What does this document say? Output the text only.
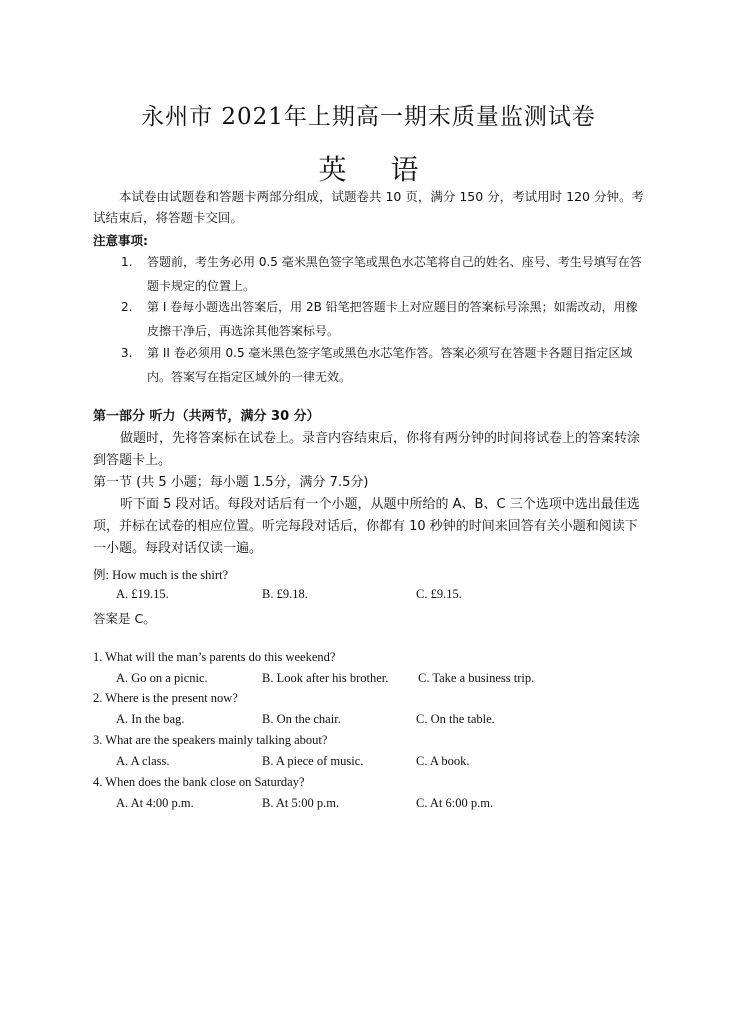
永州市 2021年上期高一期末质量监测试卷
英语
本试卷由试题卷和答题卡两部分组成，试题卷共 10 页，满分 150 分，考试用时 120 分钟。考试结束后，将答题卡交回。
注意事项:
1. 答题前，考生务必用 0.5 毫米黑色签字笔或黑色水芯笔将自己的姓名、座号、考生号填写在答题卡规定的位置上。
2. 第 I 卷每小题选出答案后，用 2B 铅笔把答题卡上对应题目的答案标号涂黑；如需改动，用橡皮擦干净后，再选涂其他答案标号。
3. 第 II 卷必须用 0.5 毫米黑色签字笔或黑色水芯笔作答。答案必须写在答题卡各题目指定区域内。答案写在指定区域外的一律无效。
第一部分 听力（共两节，满分 30 分）
做题时，先将答案标在试卷上。录音内容结束后，你将有两分钟的时间将试卷上的答案转涂到答题卡上。
第一节 (共 5 小题；每小题 1.5分，满分 7.5分)
听下面 5 段对话。每段对话后有一个小题，从题中所给的 A、B、C 三个选项中选出最佳选项，并标在试卷的相应位置。听完每段对话后，你都有 10 秒钟的时间来回答有关小题和阅读下一小题。每段对话仅读一遍。
例: How much is the shirt?
A. £19.15.	B. £9.18.	C. £9.15.
答案是 C。
1. What will the man’s parents do this weekend?
A. Go on a picnic.	B. Look after his brother. C. Take a business trip.
2. Where is the present now?
A. In the bag.	B. On the chair.	C. On the table.
3. What are the speakers mainly talking about?
A. A class.	B. A piece of music.	C. A book.
4. When does the bank close on Saturday?
A. At 4:00 p.m.	B. At 5:00 p.m.	C. At 6:00 p.m.
